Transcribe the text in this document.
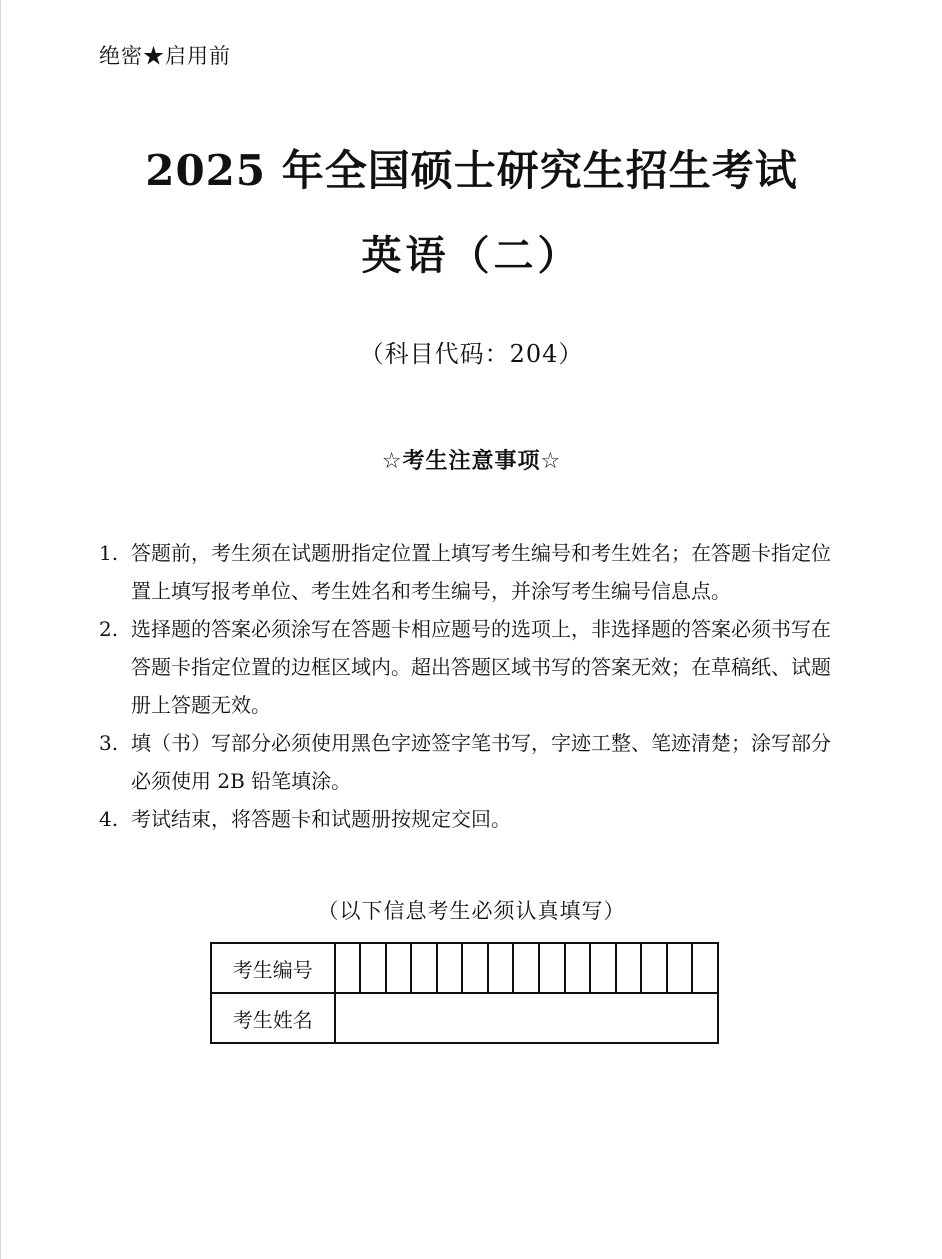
绝密★启用前
2025 年全国硕士研究生招生考试
英语（二）
（科目代码：204）
☆考生注意事项☆
1. 答题前，考生须在试题册指定位置上填写考生编号和考生姓名；在答题卡指定位置上填写报考单位、考生姓名和考生编号，并涂写考生编号信息点。
2. 选择题的答案必须涂写在答题卡相应题号的选项上，非选择题的答案必须书写在答题卡指定位置的边框区域内。超出答题区域书写的答案无效；在草稿纸、试题册上答题无效。
3. 填（书）写部分必须使用黑色字迹签字笔书写，字迹工整、笔迹清楚；涂写部分必须使用 2B 铅笔填涂。
4. 考试结束，将答题卡和试题册按规定交回。
（以下信息考生必须认真填写）
考生编号															
考生姓名															
